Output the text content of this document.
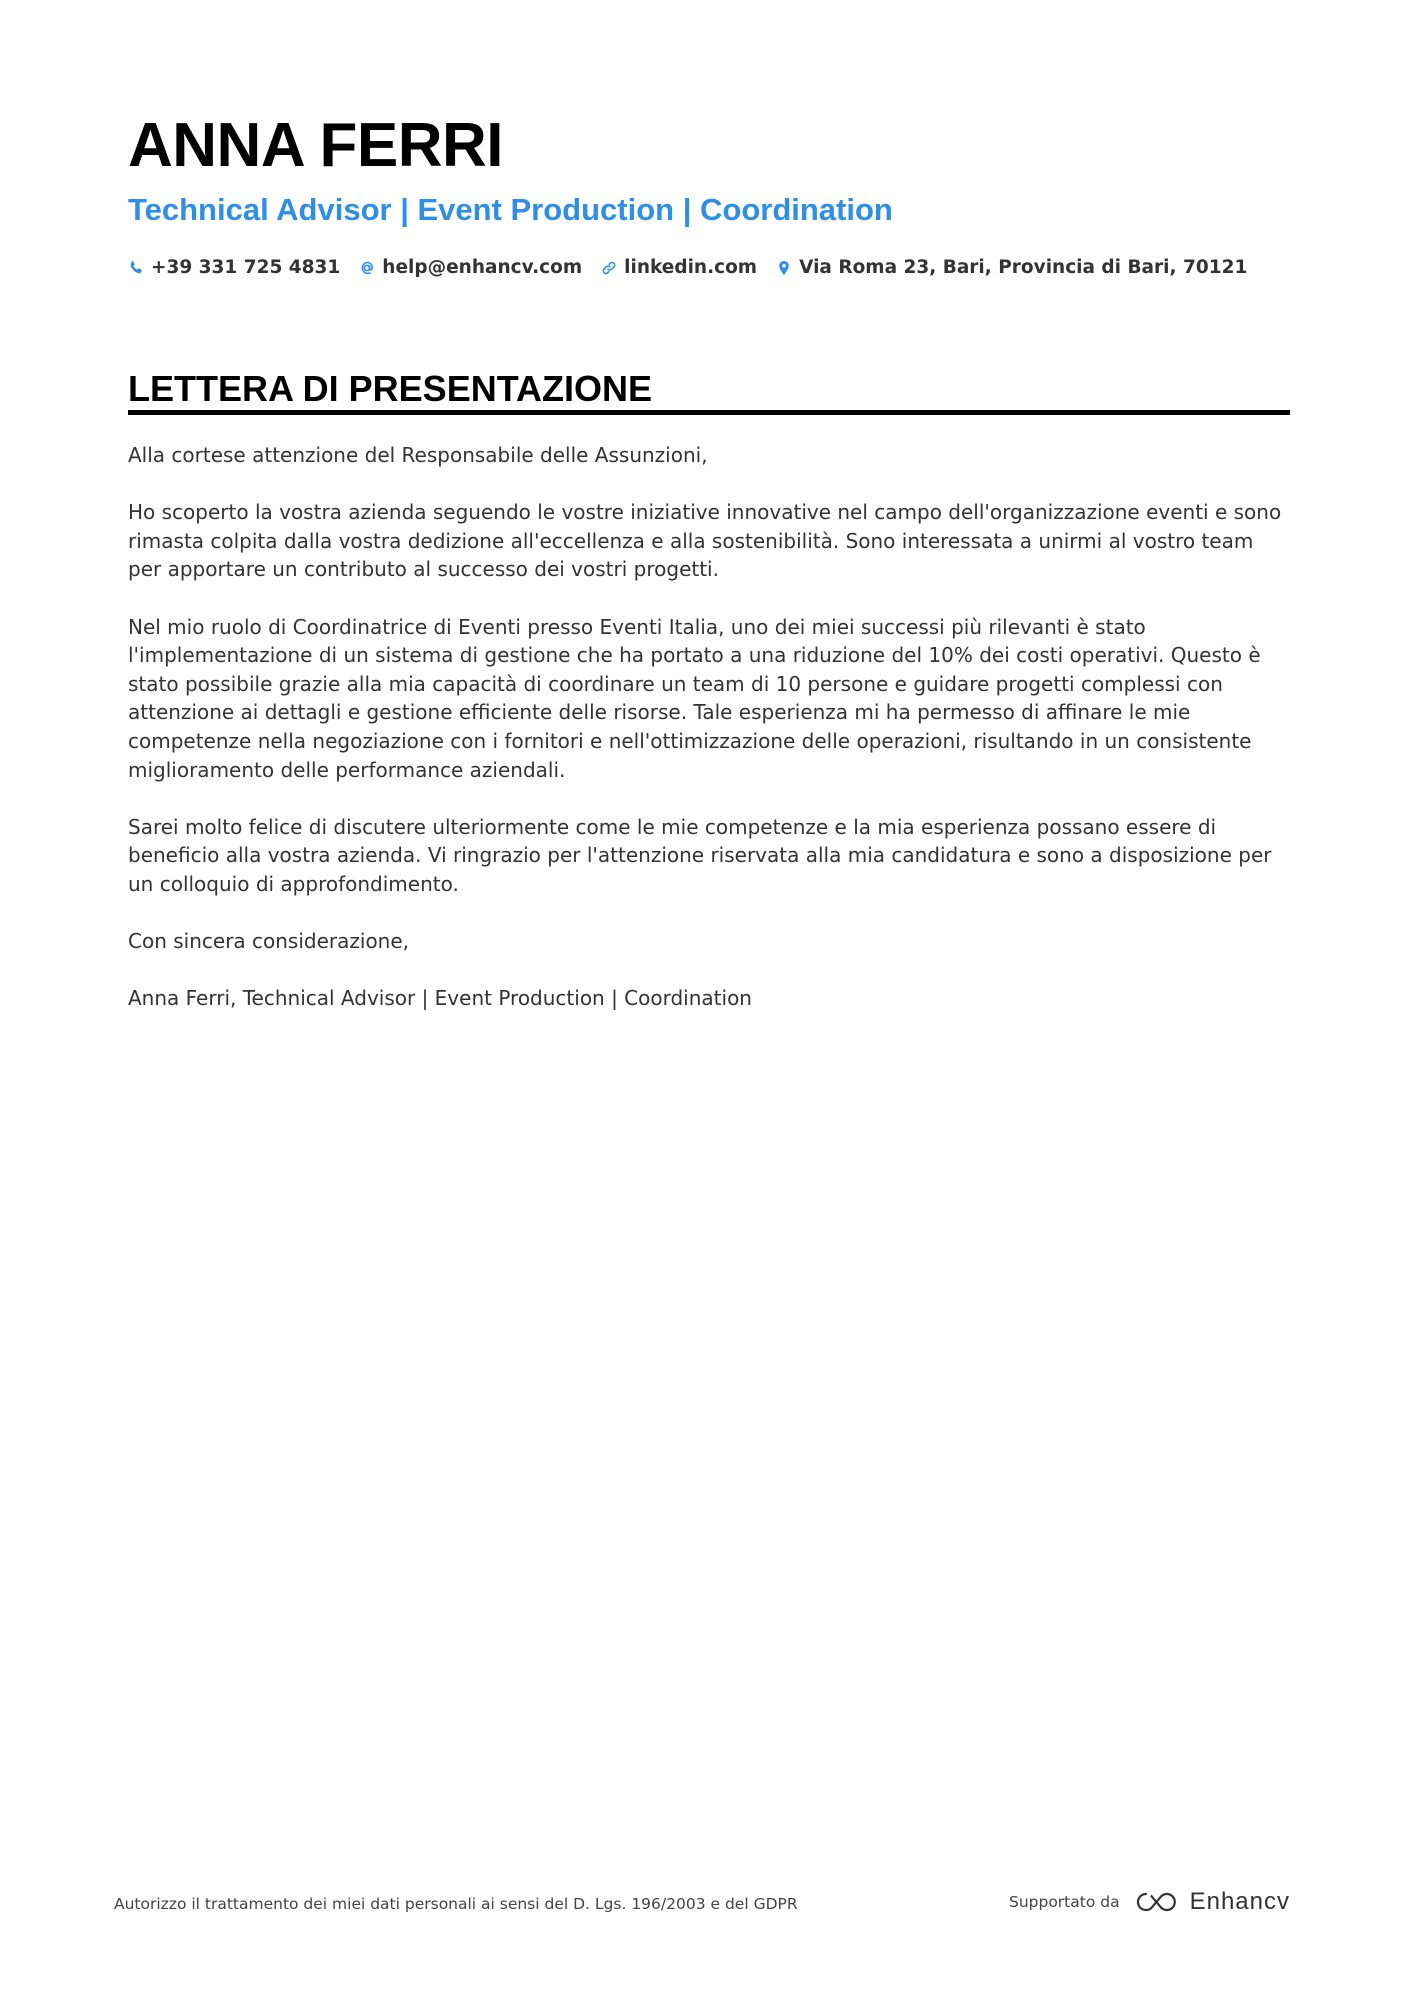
ANNA FERRI
Technical Advisor | Event Production | Coordination
+39 331 725 4831 help@enhancv.com linkedin.com Via Roma 23, Bari, Provincia di Bari, 70121
LETTERA DI PRESENTAZIONE

Alla cortese attenzione del Responsabile delle Assunzioni,

Ho scoperto la vostra azienda seguendo le vostre iniziative innovative nel campo dell'organizzazione eventi e sono rimasta colpita dalla vostra dedizione all'eccellenza e alla sostenibilità. Sono interessata a unirmi al vostro team per apportare un contributo al successo dei vostri progetti.

Nel mio ruolo di Coordinatrice di Eventi presso Eventi Italia, uno dei miei successi più rilevanti è stato l'implementazione di un sistema di gestione che ha portato a una riduzione del 10% dei costi operativi. Questo è stato possibile grazie alla mia capacità di coordinare un team di 10 persone e guidare progetti complessi con attenzione ai dettagli e gestione efficiente delle risorse. Tale esperienza mi ha permesso di affinare le mie competenze nella negoziazione con i fornitori e nell'ottimizzazione delle operazioni, risultando in un consistente miglioramento delle performance aziendali.

Sarei molto felice di discutere ulteriormente come le mie competenze e la mia esperienza possano essere di beneficio alla vostra azienda. Vi ringrazio per l'attenzione riservata alla mia candidatura e sono a disposizione per un colloquio di approfondimento.

Con sincera considerazione,

Anna Ferri, Technical Advisor | Event Production | Coordination

Autorizzo il trattamento dei miei dati personali ai sensi del D. Lgs. 196/2003 e del GDPR	Supportato da	Enhancv
